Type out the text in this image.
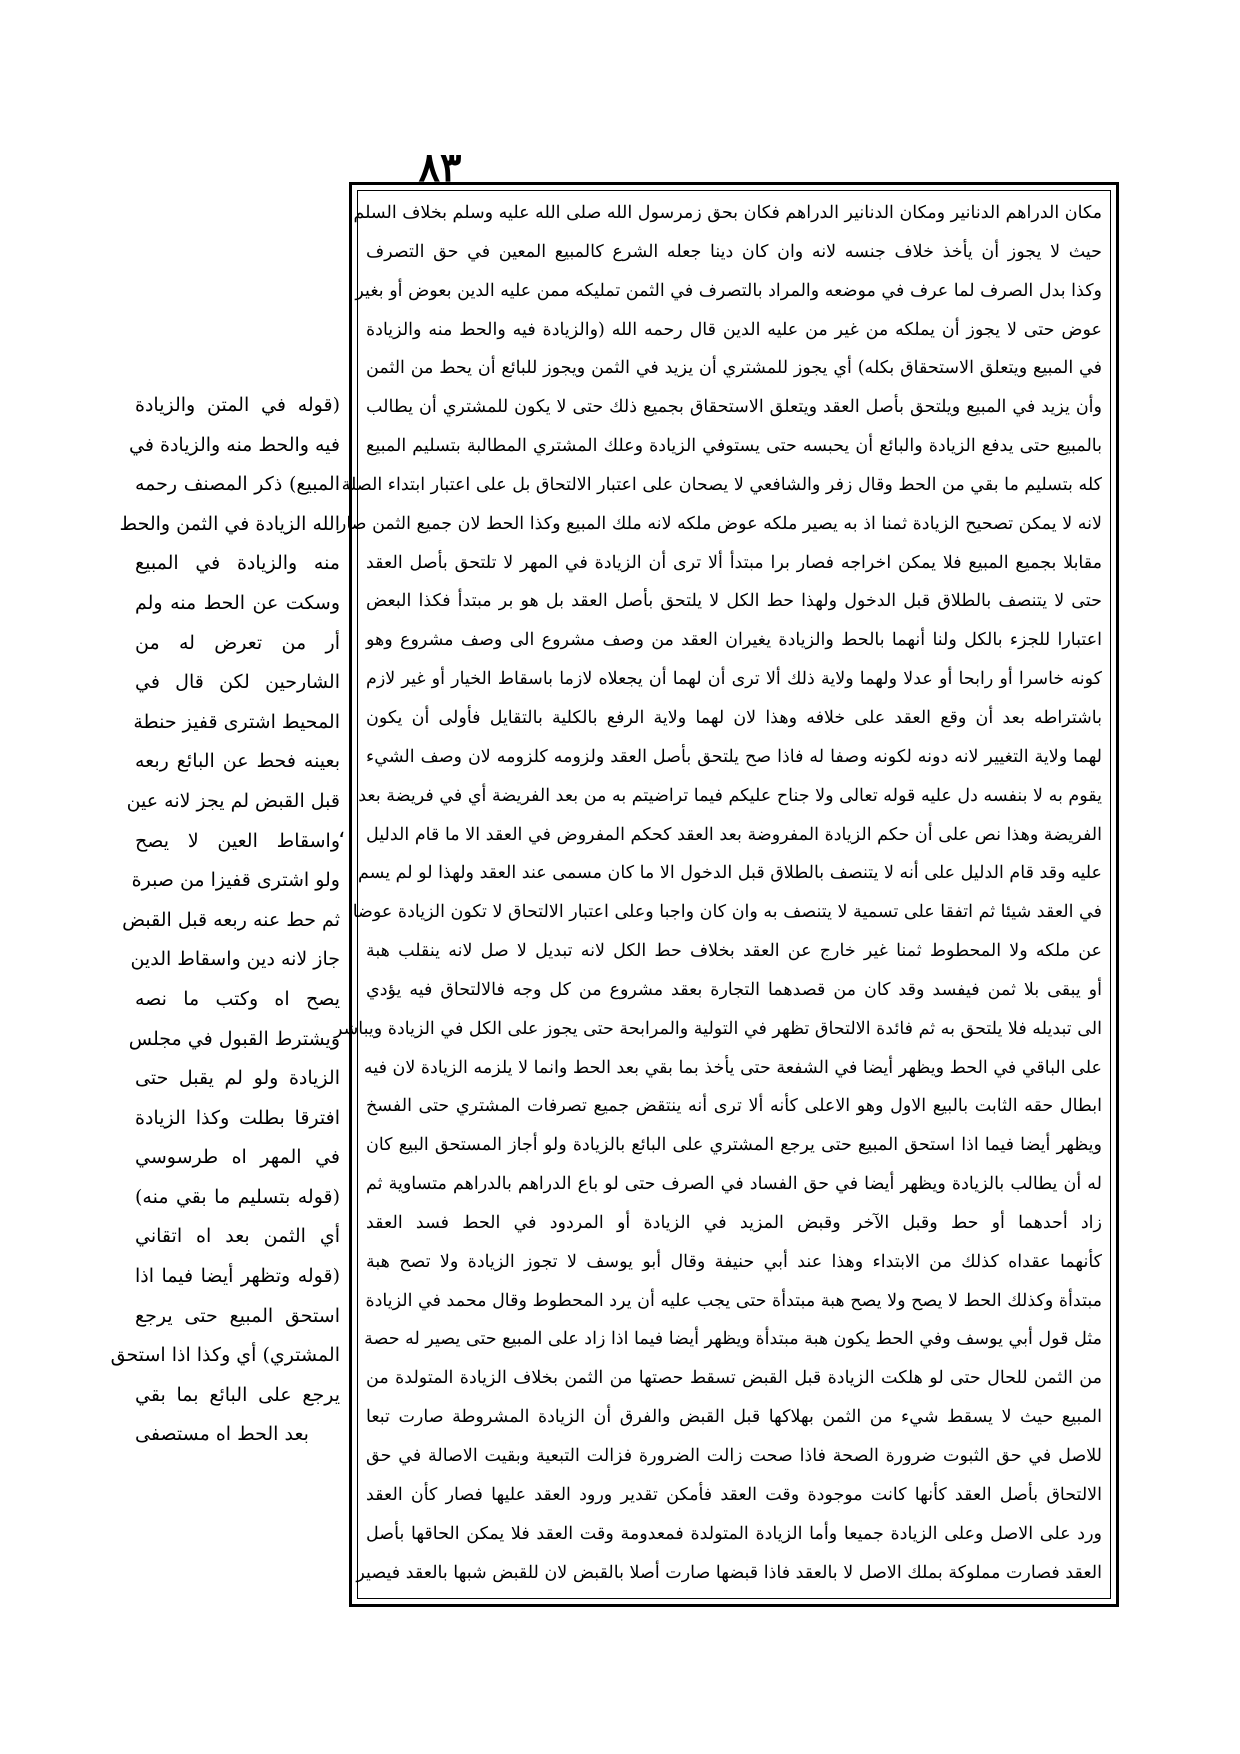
٨٣
مكان الدراهم الدنانير ومكان الدنانير الدراهم فكان بحق زمرسول الله صلى الله عليه وسلم بخلاف السلم
حيث لا يجوز أن يأخذ خلاف جنسه لانه وان كان دينا جعله الشرع كالمبيع المعين في حق التصرف
وكذا بدل الصرف لما عرف في موضعه والمراد بالتصرف في الثمن تمليكه ممن عليه الدين بعوض أو بغير
عوض حتى لا يجوز أن يملكه من غير من عليه الدين قال رحمه الله (والزيادة فيه والحط منه والزيادة
في المبيع ويتعلق الاستحقاق بكله) أي يجوز للمشتري أن يزيد في الثمن ويجوز للبائع أن يحط من الثمن
وأن يزيد في المبيع ويلتحق بأصل العقد ويتعلق الاستحقاق بجميع ذلك حتى لا يكون للمشتري أن يطالب
بالمبيع حتى يدفع الزيادة والبائع أن يحبسه حتى يستوفي الزيادة وعلك المشتري المطالبة بتسليم المبيع
كله بتسليم ما بقي من الحط وقال زفر والشافعي لا يصحان على اعتبار الالتحاق بل على اعتبار ابتداء الصلة
لانه لا يمكن تصحيح الزيادة ثمنا اذ به يصير ملكه عوض ملكه لانه ملك المبيع وكذا الحط لان جميع الثمن صار
مقابلا بجميع المبيع فلا يمكن اخراجه فصار برا مبتدأ ألا ترى أن الزيادة في المهر لا تلتحق بأصل العقد
حتى لا يتنصف بالطلاق قبل الدخول ولهذا حط الكل لا يلتحق بأصل العقد بل هو بر مبتدأ فكذا البعض
اعتبارا للجزء بالكل ولنا أنهما بالحط والزيادة يغيران العقد من وصف مشروع الى وصف مشروع وهو
كونه خاسرا أو رابحا أو عدلا ولهما ولاية ذلك ألا ترى أن لهما أن يجعلاه لازما باسقاط الخيار أو غير لازم
باشتراطه بعد أن وقع العقد على خلافه وهذا لان لهما ولاية الرفع بالكلية بالتقايل فأولى أن يكون
لهما ولاية التغيير لانه دونه لكونه وصفا له فاذا صح يلتحق بأصل العقد ولزومه كلزومه لان وصف الشيء
يقوم به لا بنفسه دل عليه قوله تعالى ولا جناح عليكم فيما تراضيتم به من بعد الفريضة أي في فريضة بعد
الفريضة وهذا نص على أن حكم الزيادة المفروضة بعد العقد كحكم المفروض في العقد الا ما قام الدليل
عليه وقد قام الدليل على أنه لا يتنصف بالطلاق قبل الدخول الا ما كان مسمى عند العقد ولهذا لو لم يسم
في العقد شيئا ثم اتفقا على تسمية لا يتنصف به وان كان واجبا وعلى اعتبار الالتحاق لا تكون الزيادة عوضا
عن ملكه ولا المحطوط ثمنا غير خارج عن العقد بخلاف حط الكل لانه تبديل لا صل لانه ينقلب هبة
أو يبقى بلا ثمن فيفسد وقد كان من قصدهما التجارة بعقد مشروع من كل وجه فالالتحاق فيه يؤدي
الى تبديله فلا يلتحق به ثم فائدة الالتحاق تظهر في التولية والمرابحة حتى يجوز على الكل في الزيادة ويباشر
على الباقي في الحط ويظهر أيضا في الشفعة حتى يأخذ بما بقي بعد الحط وانما لا يلزمه الزيادة لان فيه
ابطال حقه الثابت بالبيع الاول وهو الاعلى كأنه ألا ترى أنه ينتقض جميع تصرفات المشتري حتى الفسخ
ويظهر أيضا فيما اذا استحق المبيع حتى يرجع المشتري على البائع بالزيادة ولو أجاز المستحق البيع كان
له أن يطالب بالزيادة ويظهر أيضا في حق الفساد في الصرف حتى لو باع الدراهم بالدراهم متساوية ثم
زاد أحدهما أو حط وقبل الآخر وقبض المزيد في الزيادة أو المردود في الحط فسد العقد
كأنهما عقداه كذلك من الابتداء وهذا عند أبي حنيفة وقال أبو يوسف لا تجوز الزيادة ولا تصح هبة
مبتدأة وكذلك الحط لا يصح ولا يصح هبة مبتدأة حتى يجب عليه أن يرد المحطوط وقال محمد في الزيادة
مثل قول أبي يوسف وفي الحط يكون هبة مبتدأة ويظهر أيضا فيما اذا زاد على المبيع حتى يصير له حصة
من الثمن للحال حتى لو هلكت الزيادة قبل القبض تسقط حصتها من الثمن بخلاف الزيادة المتولدة من
المبيع حيث لا يسقط شيء من الثمن بهلاكها قبل القبض والفرق أن الزيادة المشروطة صارت تبعا
للاصل في حق الثبوت ضرورة الصحة فاذا صحت زالت الضرورة فزالت التبعية وبقيت الاصالة في حق
الالتحاق بأصل العقد كأنها كانت موجودة وقت العقد فأمكن تقدير ورود العقد عليها فصار كأن العقد
ورد على الاصل وعلى الزيادة جميعا وأما الزيادة المتولدة فمعدومة وقت العقد فلا يمكن الحاقها بأصل
العقد فصارت مملوكة بملك الاصل لا بالعقد فاذا قبضها صارت أصلا بالقبض لان للقبض شبها بالعقد فيصير
،
(قوله في المتن والزيادة
فيه والحط منه والزيادة في
المبيع) ذكر المصنف رحمه
الله الزيادة في الثمن والحط
منه والزيادة في المبيع
وسكت عن الحط منه ولم
أر من تعرض له من
الشارحين لكن قال في
المحيط اشترى قفيز حنطة
بعينه فحط عن البائع ربعه
قبل القبض لم يجز لانه عين
واسقاط العين لا يصح
ولو اشترى قفيزا من صبرة
ثم حط عنه ربعه قبل القبض
جاز لانه دين واسقاط الدين
يصح اه وكتب ما نصه
ويشترط القبول في مجلس
الزيادة ولو لم يقبل حتى
افترقا بطلت وكذا الزيادة
في المهر اه طرسوسي
(قوله بتسليم ما بقي منه)
أي الثمن بعد اه اتقاني
(قوله وتظهر أيضا فيما اذا
استحق المبيع حتى يرجع
المشتري) أي وكذا اذا استحق
يرجع على البائع بما بقي
بعد الحط اه مستصفى
